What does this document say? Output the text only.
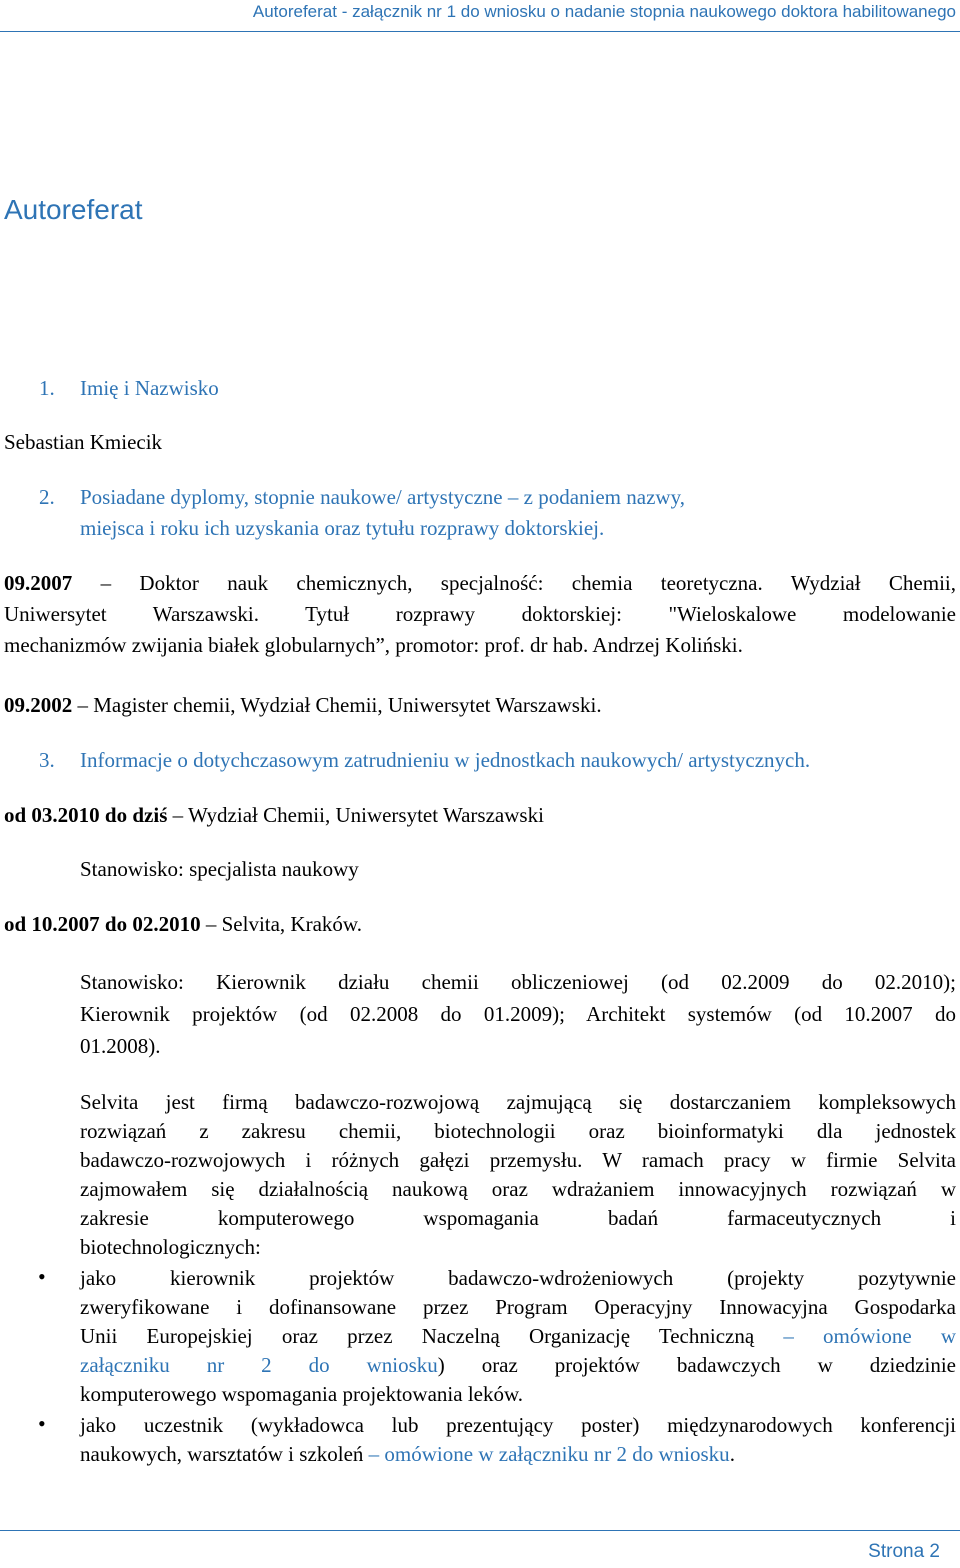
Autoreferat - załącznik nr 1 do wniosku o nadanie stopnia naukowego doktora habilitowanego
Autoreferat
1. Imię i Nazwisko
Sebastian Kmiecik
2. Posiadane dyplomy, stopnie naukowe/ artystyczne – z podaniem nazwy,
miejsca i roku ich uzyskania oraz tytułu rozprawy doktorskiej.
09.2007 – Doktor nauk chemicznych, specjalność: chemia teoretyczna. Wydział Chemii,
Uniwersytet Warszawski. Tytuł rozprawy doktorskiej: "Wieloskalowe modelowanie
mechanizmów zwijania białek globularnych”, promotor: prof. dr hab. Andrzej Koliński.
09.2002 – Magister chemii, Wydział Chemii, Uniwersytet Warszawski.
3. Informacje o dotychczasowym zatrudnieniu w jednostkach naukowych/ artystycznych.
od 03.2010 do dziś – Wydział Chemii, Uniwersytet Warszawski
Stanowisko: specjalista naukowy
od 10.2007 do 02.2010 – Selvita, Kraków.
Stanowisko: Kierownik działu chemii obliczeniowej (od 02.2009 do 02.2010);
Kierownik projektów (od 02.2008 do 01.2009); Architekt systemów (od 10.2007 do
01.2008).
Selvita jest firmą badawczo-rozwojową zajmującą się dostarczaniem kompleksowych
rozwiązań z zakresu chemii, biotechnologii oraz bioinformatyki dla jednostek
badawczo-rozwojowych i różnych gałęzi przemysłu. W ramach pracy w firmie Selvita
zajmowałem się działalnością naukową oraz wdrażaniem innowacyjnych rozwiązań w
zakresie komputerowego wspomagania badań farmaceutycznych i
biotechnologicznych:
• jako kierownik projektów badawczo-wdrożeniowych (projekty pozytywnie
zweryfikowane i dofinansowane przez Program Operacyjny Innowacyjna Gospodarka
Unii Europejskiej oraz przez Naczelną Organizację Techniczną – omówione w
załączniku nr 2 do wniosku) oraz projektów badawczych w dziedzinie
komputerowego wspomagania projektowania leków.
• jako uczestnik (wykładowca lub prezentujący poster) międzynarodowych konferencji
naukowych, warsztatów i szkoleń – omówione w załączniku nr 2 do wniosku.
Strona 2
